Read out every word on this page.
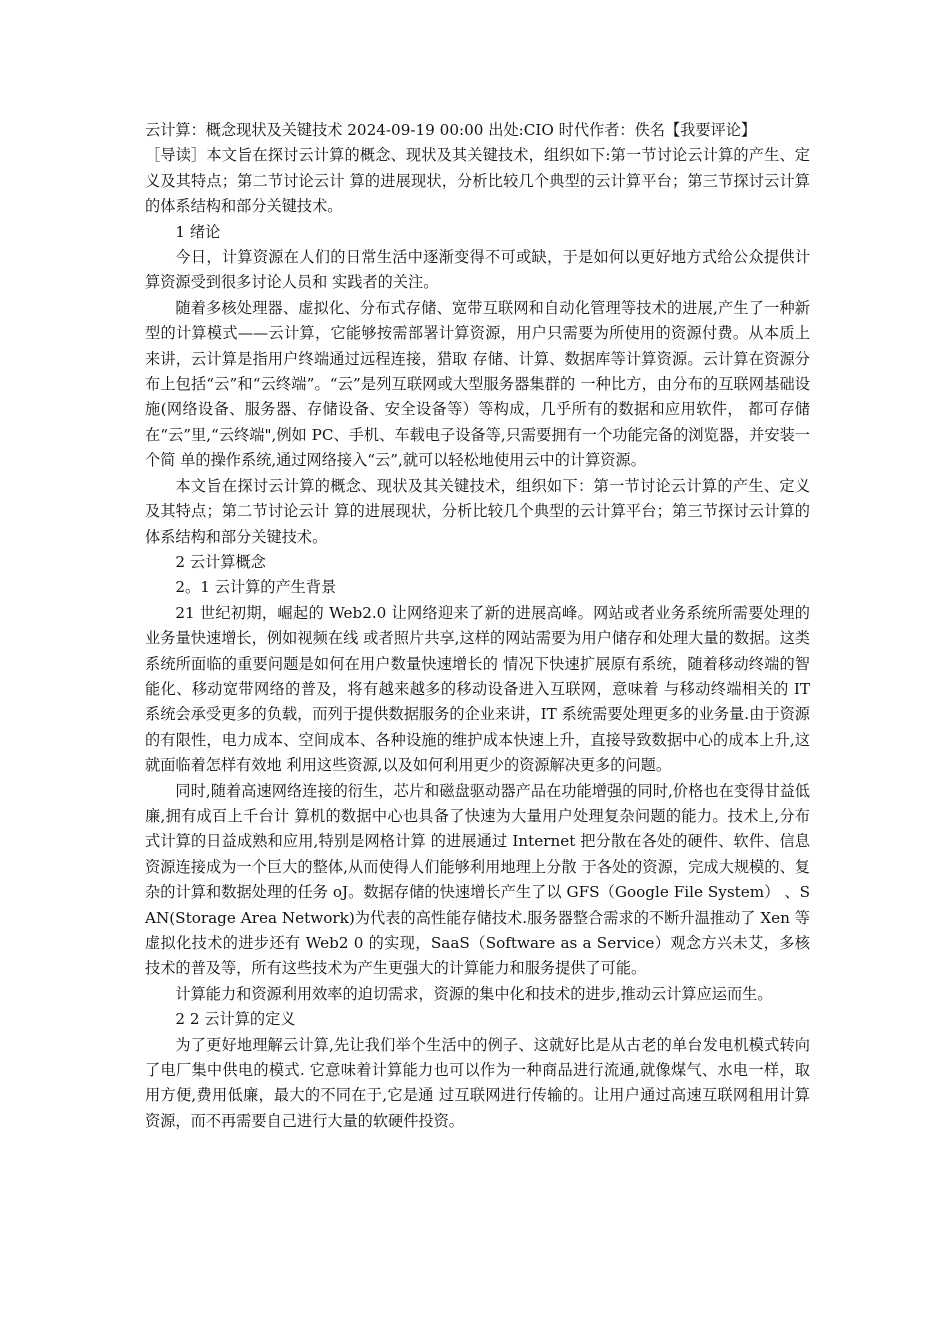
云计算：概念现状及关键技术 2024-09-19 00:00 出处:CIO 时代作者：佚名【我要评论】

［导读］本文旨在探讨云计算的概念、现状及其关键技术，组织如下:第一节讨论云计算的产生、定义及其特点；第二节讨论云计 算的进展现状，分析比较几个典型的云计算平台；第三节探讨云计算的体系结构和部分关键技术。

1 绪论

今日，计算资源在人们的日常生活中逐渐变得不可或缺，于是如何以更好地方式给公众提供计算资源受到很多讨论人员和 实践者的关注。

随着多核处理器、虚拟化、分布式存储、宽带互联网和自动化管理等技术的进展,产生了一种新型的计算模式——云计算，它能够按需部署计算资源，用户只需要为所使用的资源付费。从本质上来讲，云计算是指用户终端通过远程连接，猎取 存储、计算、数据库等计算资源。云计算在资源分布上包括“云”和“云终端”。“云”是列互联网或大型服务器集群的 一种比方，由分布的互联网基础设施(网络设备、服务器、存储设备、安全设备等）等构成，几乎所有的数据和应用软件， 都可存储在“云”里,“云终端",例如 PC、手机、车载电子设备等,只需要拥有一个功能完备的浏览器，并安装一个简 单的操作系统,通过网络接入“云”,就可以轻松地使用云中的计算资源。

本文旨在探讨云计算的概念、现状及其关键技术，组织如下：第一节讨论云计算的产生、定义及其特点；第二节讨论云计 算的进展现状，分析比较几个典型的云计算平台；第三节探讨云计算的体系结构和部分关键技术。

2 云计算概念

2。1 云计算的产生背景

21 世纪初期，崛起的 Web2.0 让网络迎来了新的进展高峰。网站或者业务系统所需要处理的业务量快速增长，例如视频在线 或者照片共享,这样的网站需要为用户储存和处理大量的数据。这类系统所面临的重要问题是如何在用户数量快速增长的 情况下快速扩展原有系统，随着移动终端的智能化、移动宽带网络的普及，将有越来越多的移动设备进入互联网，意味着 与移动终端相关的 IT 系统会承受更多的负载，而列于提供数据服务的企业来讲，IT 系统需要处理更多的业务量.由于资源 的有限性，电力成本、空间成本、各种设施的维护成本快速上升，直接导致数据中心的成本上升,这就面临着怎样有效地 利用这些资源,以及如何利用更少的资源解决更多的问题。

同时,随着高速网络连接的衍生，芯片和磁盘驱动器产品在功能增强的同时,价格也在变得甘益低廉,拥有成百上千台计 算机的数据中心也具备了快速为大量用户处理复杂问题的能力。技术上,分布式计算的日益成熟和应用,特别是网格计算 的进展通过 Internet 把分散在各处的硬件、软件、信息资源连接成为一个巨大的整体,从而使得人们能够利用地理上分散 于各处的资源，完成大规模的、复杂的计算和数据处理的任务 oJ。数据存储的快速增长产生了以 GFS（Google File System） 、SAN(Storage Area Network)为代表的高性能存储技术.服务器整合需求的不断升温推动了 Xen 等虚拟化技术的进步还有 Web2 0 的实现，SaaS（Software as a Service）观念方兴未艾，多核技术的普及等，所有这些技术为产生更强大的计算能力和服务提供了可能。

计算能力和资源利用效率的迫切需求，资源的集中化和技术的进步,推动云计算应运而生。

2 2 云计算的定义

为了更好地理解云计算,先让我们举个生活中的例子、这就好比是从古老的单台发电机模式转向了电厂集中供电的模式. 它意味着计算能力也可以作为一种商品进行流通,就像煤气、水电一样，取用方便,费用低廉，最大的不同在于,它是通 过互联网进行传输的。让用户通过高速互联网租用计算资源，而不再需要自己进行大量的软硬件投资。
